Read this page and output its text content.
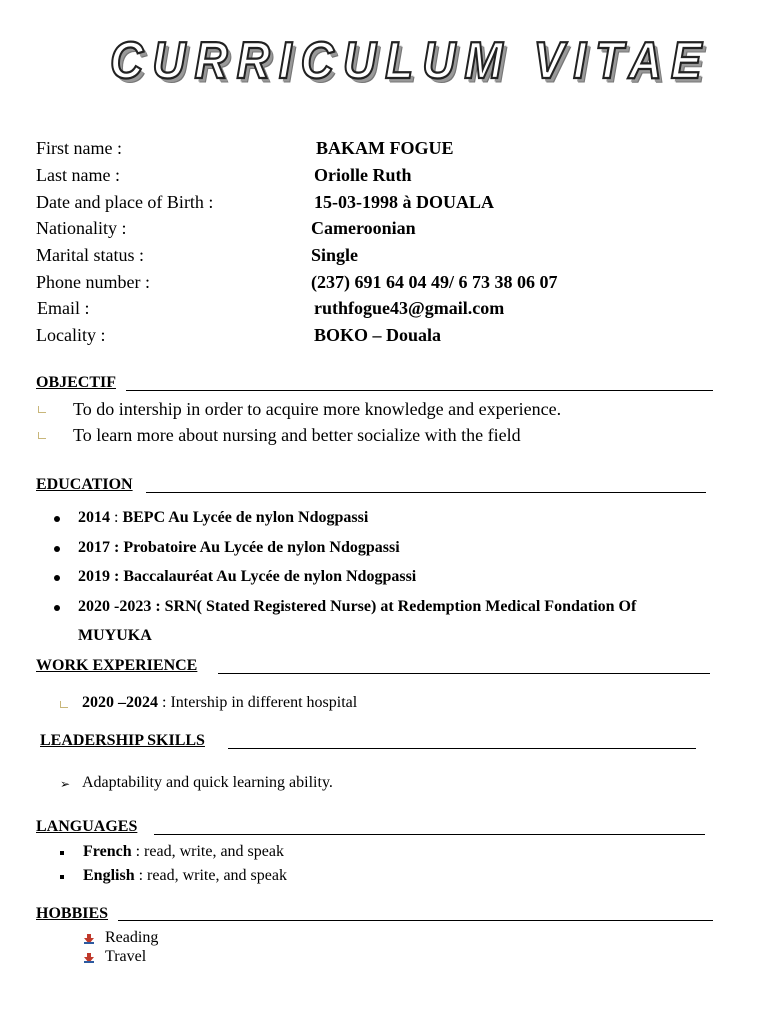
CURRICULUM VITAE
First name :	BAKAM FOGUE
Last name :	Oriolle Ruth
Date and place of Birth :	15-03-1998 à DOUALA
Nationality :	Cameroonian
Marital status :	Single
Phone number :	(237) 691 64 04 49/ 6 73 38 06 07
Email :	ruthfogue43@gmail.com
Locality :	BOKO – Douala
OBJECTIF
To do intership in order to acquire more knowledge and experience.
To learn more about nursing and better socialize with the field
EDUCATION
2014 : BEPC Au Lycée de nylon Ndogpassi
2017 : Probatoire Au Lycée de nylon Ndogpassi
2019 : Baccalauréat Au Lycée de nylon Ndogpassi
2020 -2023 : SRN( Stated Registered Nurse) at Redemption Medical Fondation Of
MUYUKA
WORK EXPERIENCE
2020 –2024 : Intership in different hospital
LEADERSHIP SKILLS
➢ Adaptability and quick learning ability.
LANGUAGES
French : read, write, and speak
English : read, write, and speak
HOBBIES
Reading
Travel
